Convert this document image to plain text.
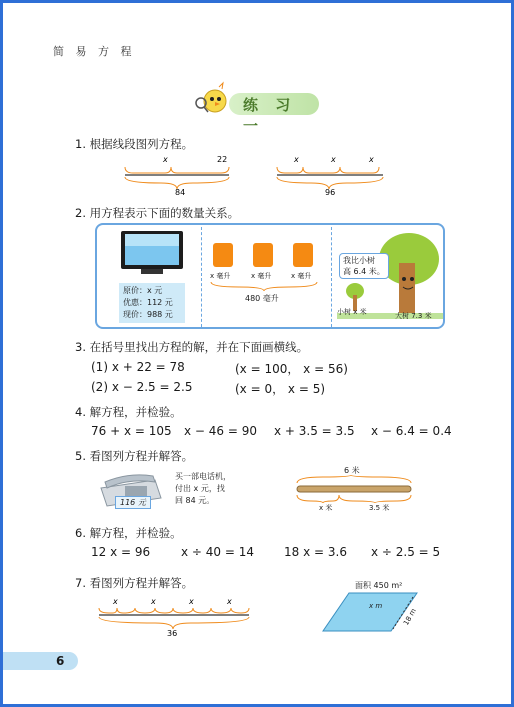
简 易 方 程
练 习 一
1. 根据线段图列方程。
x	22
84
x	x	x
96
2. 用方程表示下面的数量关系。
原价：x 元
优惠：112 元
现价：988 元
x 毫升	x 毫升	x 毫升
480 毫升
我比小树
高 6.4 米。
小树 x 米	大树 7.3 米
3. 在括号里找出方程的解，并在下面画横线。
(1) x + 22 = 78	(x = 100， x = 56)
(2) x − 2.5 = 2.5	(x = 0， x = 5)
4. 解方程，并检验。
76 + x = 105 x − 46 = 90 x + 3.5 = 3.5 x − 6.4 = 0.4
5. 看图列方程并解答。
116 元
买一部电话机，
付出 x 元，找
回 84 元。
6 米
x 米	3.5 米
6. 解方程，并检验。
12 x = 96	x ÷ 40 = 14 18 x = 3.6 x ÷ 2.5 = 5
7. 看图列方程并解答。
x	x	x	x
36
面积 450 m²
x m
18 m
6
